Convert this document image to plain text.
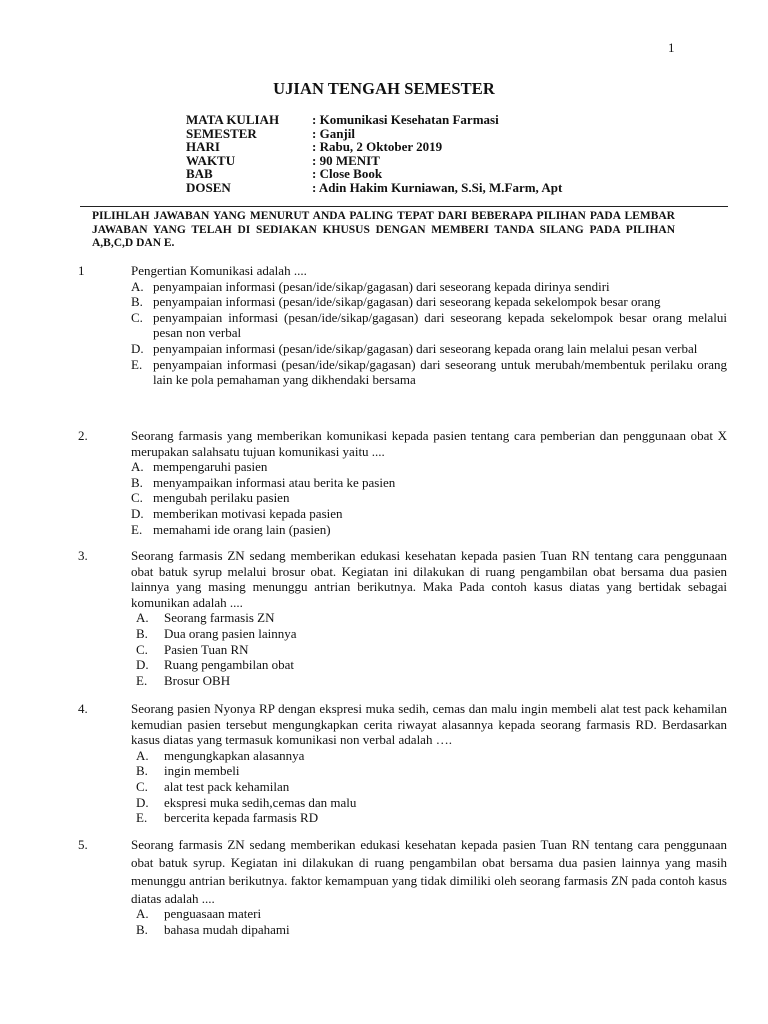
1
UJIAN TENGAH SEMESTER
MATA KULIAH	: Komunikasi Kesehatan Farmasi
SEMESTER	: Ganjil
HARI	: Rabu, 2 Oktober 2019
WAKTU	: 90 MENIT
BAB	: Close Book
DOSEN	: Adin Hakim Kurniawan, S.Si, M.Farm, Apt
PILIHLAH JAWABAN YANG MENURUT ANDA PALING TEPAT DARI BEBERAPA PILIHAN PADA LEMBAR JAWABAN YANG TELAH DI SEDIAKAN KHUSUS DENGAN MEMBERI TANDA SILANG PADA PILIHAN A,B,C,D DAN E.
1	Pengertian Komunikasi adalah ....
A. penyampaian informasi (pesan/ide/sikap/gagasan) dari seseorang kepada dirinya sendiri
B. penyampaian informasi (pesan/ide/sikap/gagasan) dari seseorang kepada sekelompok besar orang
C. penyampaian informasi (pesan/ide/sikap/gagasan) dari seseorang kepada sekelompok besar orang melalui pesan non verbal
D. penyampaian informasi (pesan/ide/sikap/gagasan) dari seseorang kepada orang lain melalui pesan verbal
E. penyampaian informasi (pesan/ide/sikap/gagasan) dari seseorang untuk merubah/membentuk perilaku orang lain ke pola pemahaman yang dikhendaki bersama
2.	Seorang farmasis yang memberikan komunikasi kepada pasien tentang cara pemberian dan penggunaan obat X merupakan salahsatu tujuan komunikasi yaitu ....
A. mempengaruhi pasien
B. menyampaikan informasi atau berita ke pasien
C. mengubah perilaku pasien
D. memberikan motivasi kepada pasien
E. memahami ide orang lain (pasien)
3.	Seorang farmasis ZN sedang memberikan edukasi kesehatan kepada pasien Tuan RN tentang cara penggunaan obat batuk syrup melalui brosur obat. Kegiatan ini dilakukan di ruang pengambilan obat bersama dua pasien lainnya yang masing menunggu antrian berikutnya. Maka Pada contoh kasus diatas yang bertidak sebagai komunikan adalah ....
A. Seorang farmasis ZN
B. Dua orang pasien lainnya
C. Pasien Tuan RN
D. Ruang pengambilan obat
E. Brosur OBH
4.	Seorang pasien Nyonya RP dengan ekspresi muka sedih, cemas dan malu ingin membeli alat test pack kehamilan kemudian pasien tersebut mengungkapkan cerita riwayat alasannya kepada seorang farmasis RD. Berdasarkan kasus diatas yang termasuk komunikasi non verbal adalah ….
A. mengungkapkan alasannya
B. ingin membeli
C. alat test pack kehamilan
D. ekspresi muka sedih,cemas dan malu
E. bercerita kepada farmasis RD
5.	Seorang farmasis ZN sedang memberikan edukasi kesehatan kepada pasien Tuan RN tentang cara penggunaan obat batuk syrup. Kegiatan ini dilakukan di ruang pengambilan obat bersama dua pasien lainnya yang masih menunggu antrian berikutnya. faktor kemampuan yang tidak dimiliki oleh seorang farmasis ZN pada contoh kasus diatas adalah ....
A. penguasaan materi
B. bahasa mudah dipahami
